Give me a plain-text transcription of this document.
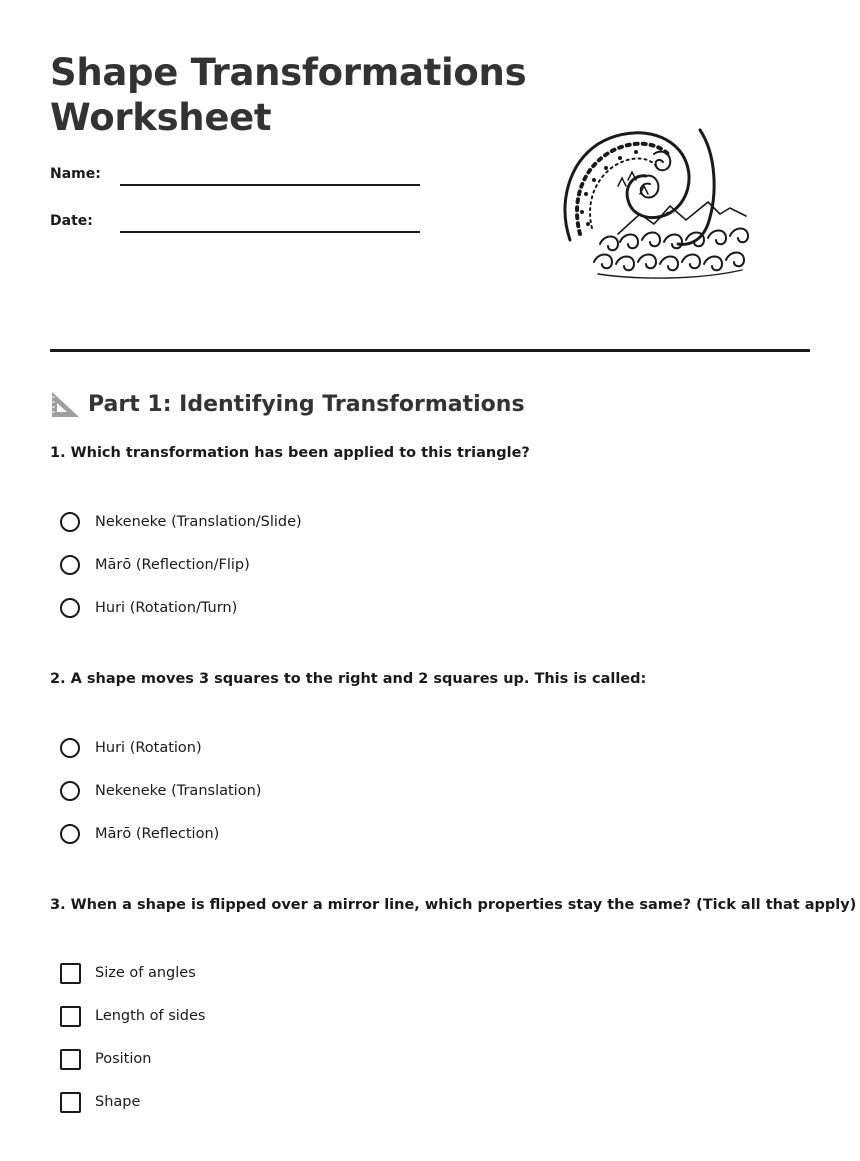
Shape Transformations Worksheet
Name:
Date:
Part 1: Identifying Transformations
1. Which transformation has been applied to this triangle?
Nekeneke (Translation/Slide)
Mārō (Reflection/Flip)
Huri (Rotation/Turn)
2. A shape moves 3 squares to the right and 2 squares up. This is called:
Huri (Rotation)
Nekeneke (Translation)
Mārō (Reflection)
3. When a shape is flipped over a mirror line, which properties stay the same? (Tick all that apply)
Size of angles
Length of sides
Position
Shape
